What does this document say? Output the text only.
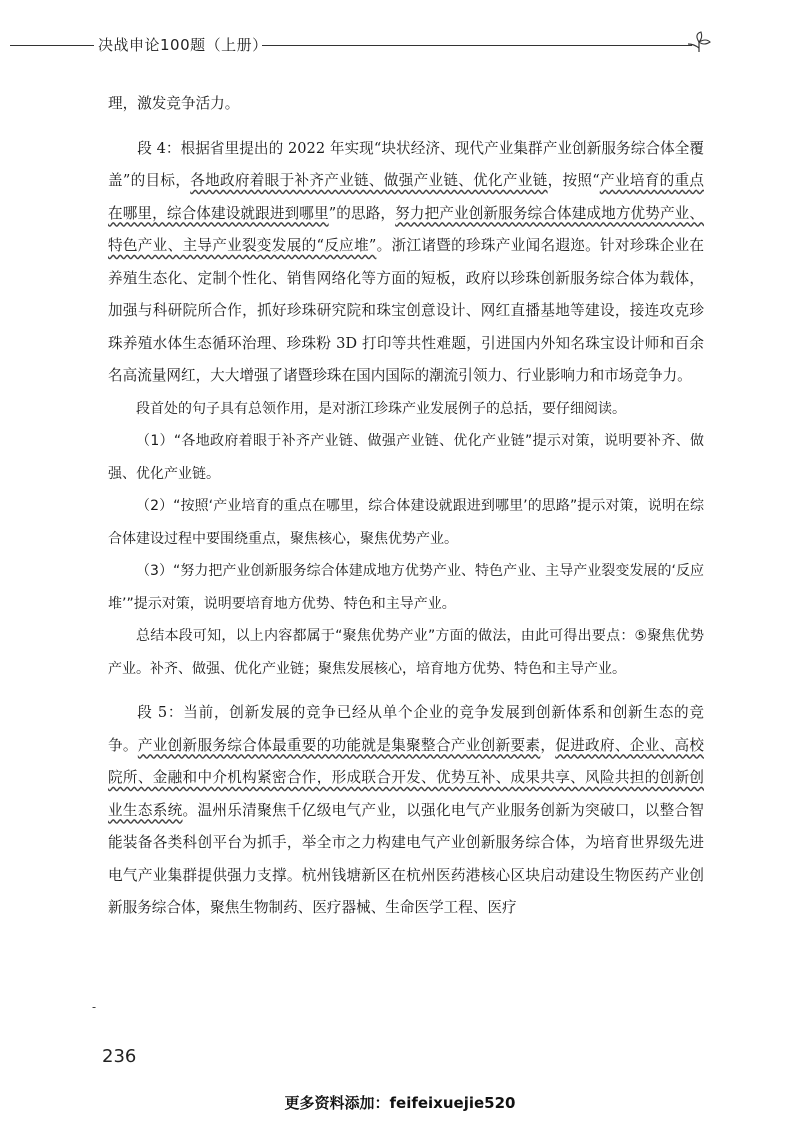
决战申论100题（上册）

理，激发竞争活力。

段 4：根据省里提出的 2022 年实现“块状经济、现代产业集群产业创新服务综合体全覆盖”的目标，各地政府着眼于补齐产业链、做强产业链、优化产业链，按照“产业培育的重点在哪里，综合体建设就跟进到哪里”的思路，努力把产业创新服务综合体建成地方优势产业、特色产业、主导产业裂变发展的“反应堆”。浙江诸暨的珍珠产业闻名遐迩。针对珍珠企业在养殖生态化、定制个性化、销售网络化等方面的短板，政府以珍珠创新服务综合体为载体，加强与科研院所合作，抓好珍珠研究院和珠宝创意设计、网红直播基地等建设，接连攻克珍珠养殖水体生态循环治理、珍珠粉 3D 打印等共性难题，引进国内外知名珠宝设计师和百余名高流量网红，大大增强了诸暨珍珠在国内国际的潮流引领力、行业影响力和市场竞争力。

段首处的句子具有总领作用，是对浙江珍珠产业发展例子的总括，要仔细阅读。

（1）“各地政府着眼于补齐产业链、做强产业链、优化产业链”提示对策，说明要补齐、做强、优化产业链。

（2）“按照‘产业培育的重点在哪里，综合体建设就跟进到哪里’的思路”提示对策，说明在综合体建设过程中要围绕重点，聚焦核心，聚焦优势产业。

（3）“努力把产业创新服务综合体建成地方优势产业、特色产业、主导产业裂变发展的‘反应堆’”提示对策，说明要培育地方优势、特色和主导产业。

总结本段可知，以上内容都属于“聚焦优势产业”方面的做法，由此可得出要点：⑤聚焦优势产业。补齐、做强、优化产业链；聚焦发展核心，培育地方优势、特色和主导产业。

段 5：当前，创新发展的竞争已经从单个企业的竞争发展到创新体系和创新生态的竞争。产业创新服务综合体最重要的功能就是集聚整合产业创新要素，促进政府、企业、高校院所、金融和中介机构紧密合作，形成联合开发、优势互补、成果共享、风险共担的创新创业生态系统。温州乐清聚焦千亿级电气产业，以强化电气产业服务创新为突破口，以整合智能装备各类科创平台为抓手，举全市之力构建电气产业创新服务综合体，为培育世界级先进电气产业集群提供强力支撑。杭州钱塘新区在杭州医药港核心区块启动建设生物医药产业创新服务综合体，聚焦生物制药、医疗器械、生命医学工程、医疗

-
236
更多资料添加：feifeixuejie520
